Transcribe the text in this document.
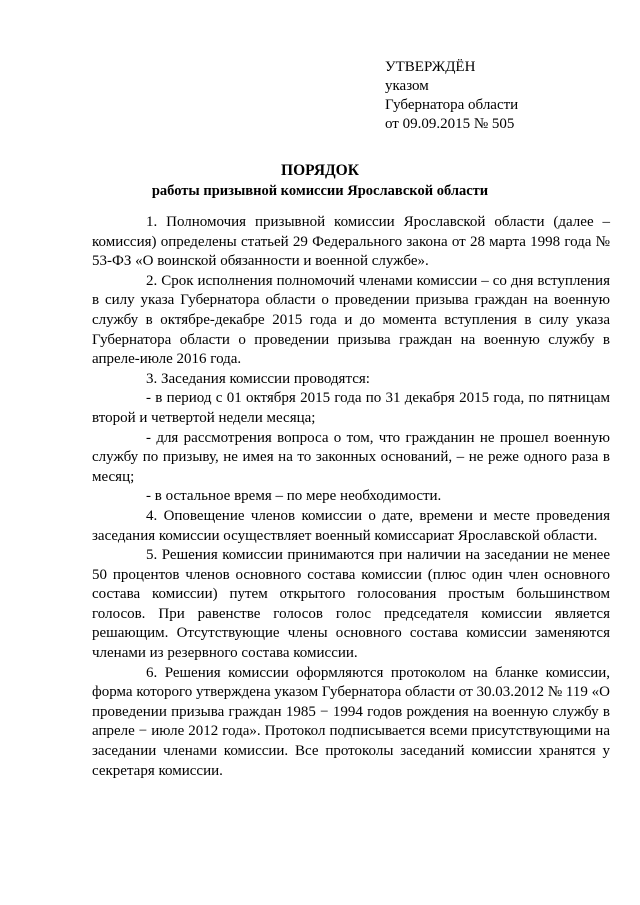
УТВЕРЖДЁН
указом
Губернатора области
от 09.09.2015 № 505
ПОРЯДОК
работы призывной комиссии Ярославской области

1. Полномочия призывной комиссии Ярославской области (далее – комиссия) определены статьей 29 Федерального закона от 28 марта 1998 года № 53-ФЗ «О воинской обязанности и военной службе».

2. Срок исполнения полномочий членами комиссии – со дня вступления в силу указа Губернатора области о проведении призыва граждан на военную службу в октябре-декабре 2015 года и до момента вступления в силу указа Губернатора области о проведении призыва граждан на военную службу в апреле-июле 2016 года.

3. Заседания комиссии проводятся:

- в период с 01 октября 2015 года по 31 декабря 2015 года, по пятницам второй и четвертой недели месяца;

- для рассмотрения вопроса о том, что гражданин не прошел военную службу по призыву, не имея на то законных оснований, – не реже одного раза в месяц;

- в остальное время – по мере необходимости.

4. Оповещение членов комиссии о дате, времени и месте проведения заседания комиссии осуществляет военный комиссариат Ярославской области.

5. Решения комиссии принимаются при наличии на заседании не менее 50 процентов членов основного состава комиссии (плюс один член основного состава комиссии) путем открытого голосования простым большинством голосов. При равенстве голосов голос председателя комиссии является решающим. Отсутствующие члены основного состава комиссии заменяются членами из резервного состава комиссии.

6. Решения комиссии оформляются протоколом на бланке комиссии, форма которого утверждена указом Губернатора области от 30.03.2012 № 119 «О проведении призыва граждан 1985 − 1994 годов рождения на военную службу в апреле − июле 2012 года». Протокол подписывается всеми присутствующими на заседании членами комиссии. Все протоколы заседаний комиссии хранятся у секретаря комиссии.
